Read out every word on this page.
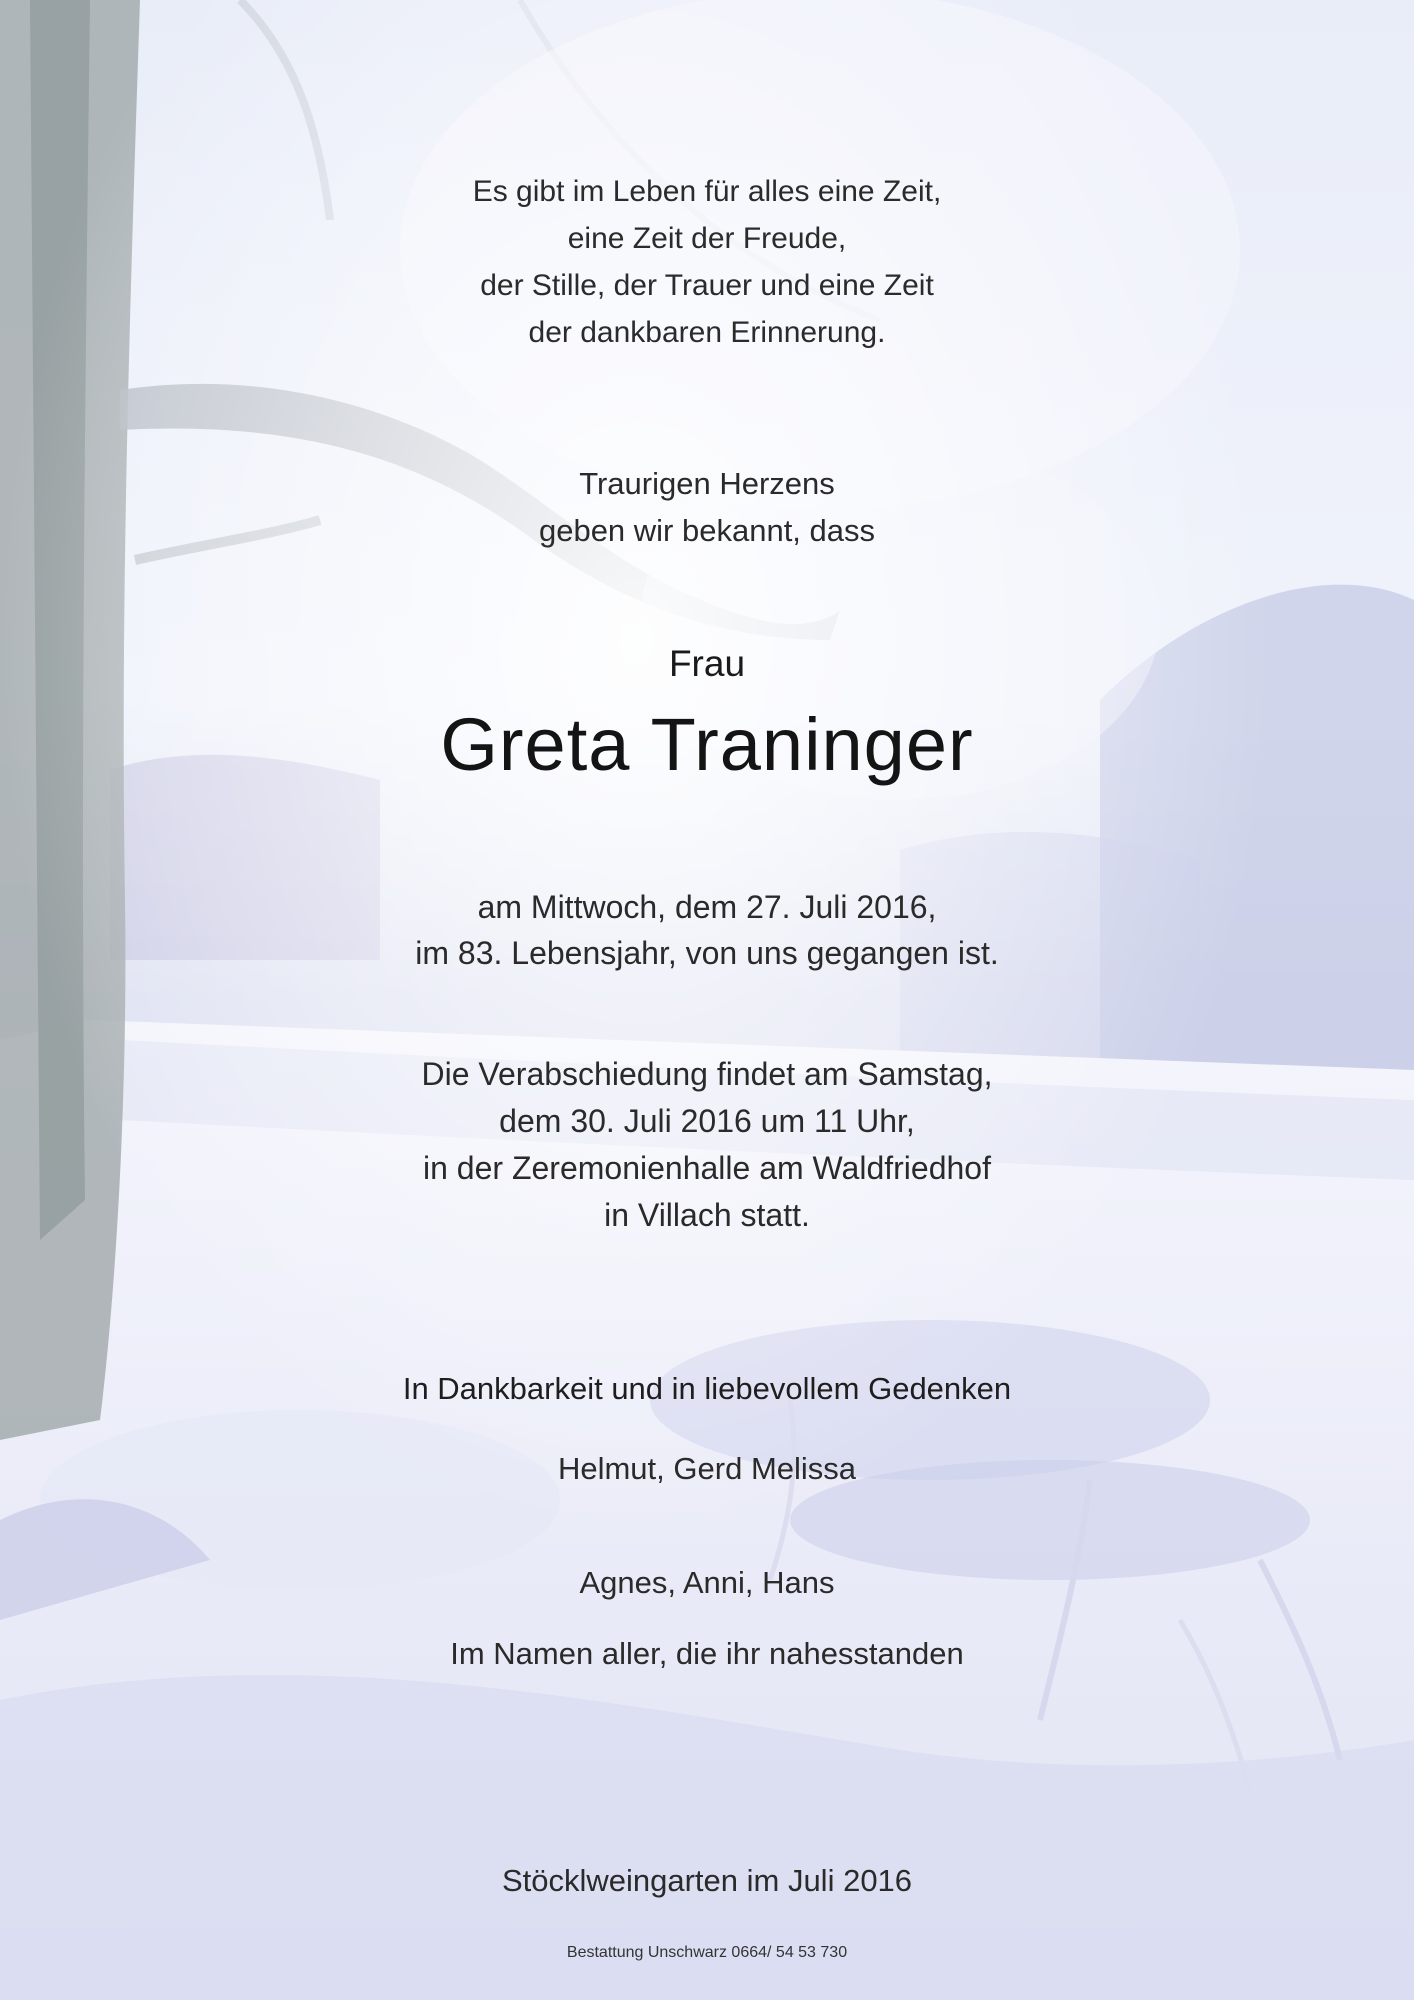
Es gibt im Leben für alles eine Zeit,
eine Zeit der Freude,
der Stille, der Trauer und eine Zeit
der dankbaren Erinnerung.
Traurigen Herzens
geben wir bekannt, dass
Frau
Greta Traninger
am Mittwoch, dem 27. Juli 2016,
im 83. Lebensjahr, von uns gegangen ist.
Die Verabschiedung findet am Samstag,
dem 30. Juli 2016 um 11 Uhr,
in der Zeremonienhalle am Waldfriedhof
in Villach statt.
In Dankbarkeit und in liebevollem Gedenken
Helmut, Gerd Melissa
Agnes, Anni, Hans
Im Namen aller, die ihr nahesstanden
Stöcklweingarten im Juli 2016
Bestattung Unschwarz 0664/ 54 53 730
